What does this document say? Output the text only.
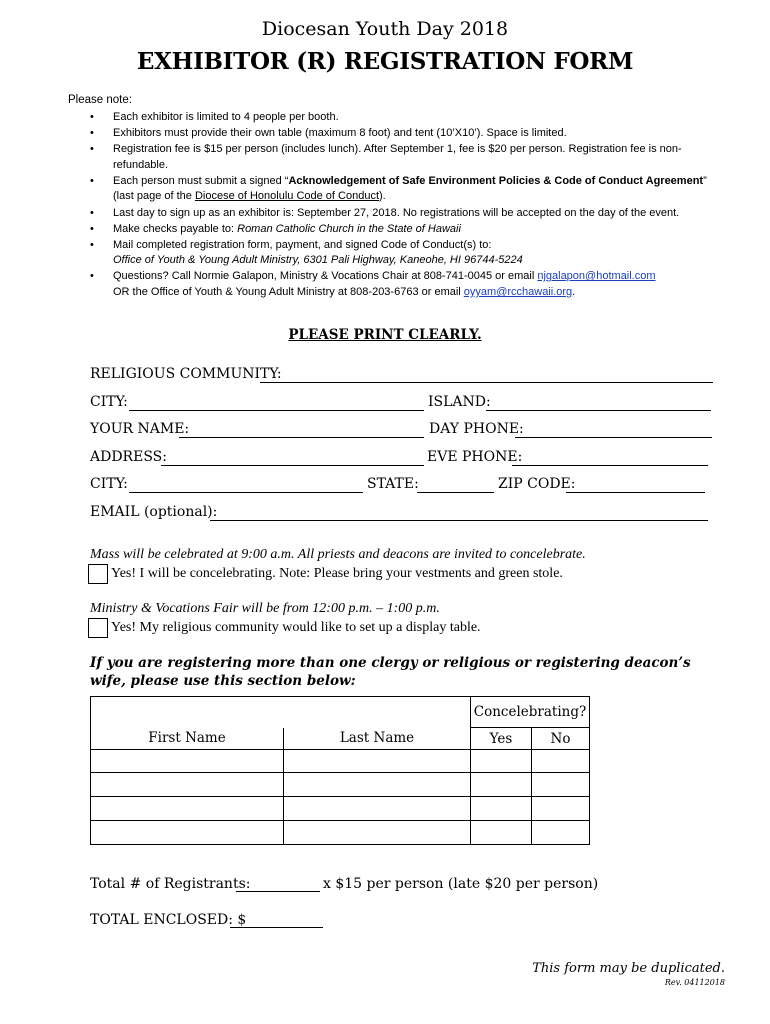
Diocesan Youth Day 2018
EXHIBITOR (R) REGISTRATION FORM
Please note:
• Each exhibitor is limited to 4 people per booth.
• Exhibitors must provide their own table (maximum 8 foot) and tent (10’X10’). Space is limited.
• Registration fee is $15 per person (includes lunch). After September 1, fee is $20 per person. Registration fee is non-refundable.
• Each person must submit a signed “Acknowledgement of Safe Environment Policies & Code of Conduct Agreement” (last page of the Diocese of Honolulu Code of Conduct).
• Last day to sign up as an exhibitor is: September 27, 2018. No registrations will be accepted on the day of the event.
• Make checks payable to: Roman Catholic Church in the State of Hawaii
• Mail completed registration form, payment, and signed Code of Conduct(s) to:
Office of Youth & Young Adult Ministry, 6301 Pali Highway, Kaneohe, HI 96744-5224
• Questions? Call Normie Galapon, Ministry & Vocations Chair at 808-741-0045 or email njgalapon@hotmail.com
OR the Office of Youth & Young Adult Ministry at 808-203-6763 or email oyyam@rcchawaii.org.
PLEASE PRINT CLEARLY.
RELIGIOUS COMMUNITY:
CITY:	ISLAND:
YOUR NAME:	DAY PHONE:
ADDRESS:	EVE PHONE:
CITY:	STATE:	ZIP CODE:
EMAIL (optional):
Mass will be celebrated at 9:00 a.m. All priests and deacons are invited to concelebrate.
Yes! I will be concelebrating. Note: Please bring your vestments and green stole.
Ministry & Vocations Fair will be from 12:00 p.m. – 1:00 p.m.
Yes! My religious community would like to set up a display table.
If you are registering more than one clergy or religious or registering deacon’s wife, please use this section below:
		Concelebrating?	
First Name	Last Name	Yes	No

Total # of Registrants:	x $15 per person (late $20 per person)
TOTAL ENCLOSED: $
This form may be duplicated.
Rev. 04112018
